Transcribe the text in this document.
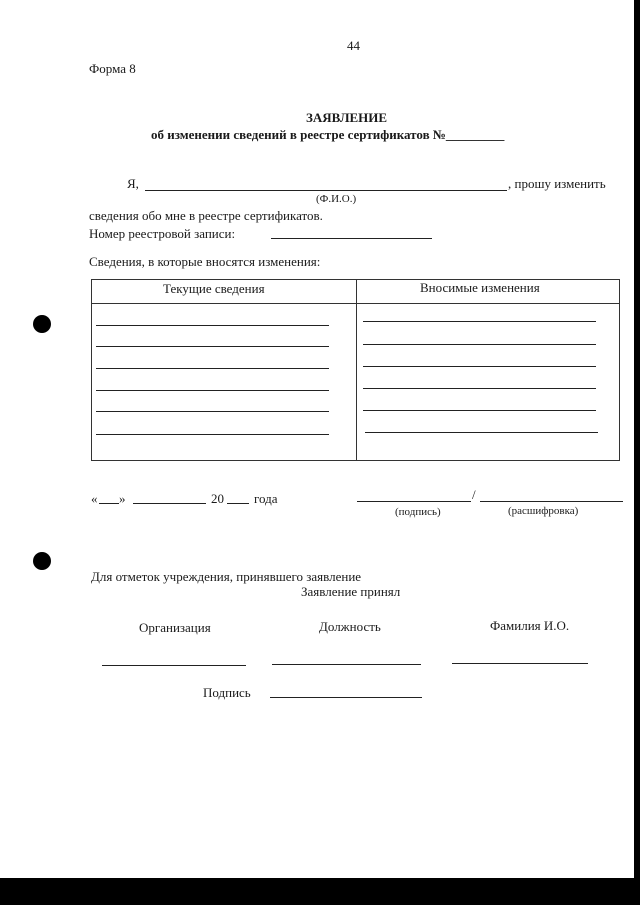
44
Форма 8
ЗАЯВЛЕНИЕ
об изменении сведений в реестре сертификатов №_________
Я,	, прошу изменить
(Ф.И.О.)
сведения обо мне в реестре сертификатов.
Номер реестровой записи:
Сведения, в которые вносятся изменения:
Текущие сведения	Вносимые изменения
« »	20 года	/
(подпись)	(расшифровка)
Для отметок учреждения, принявшего заявление
Заявление принял
Организация	Должность	Фамилия И.О.
Подпись
